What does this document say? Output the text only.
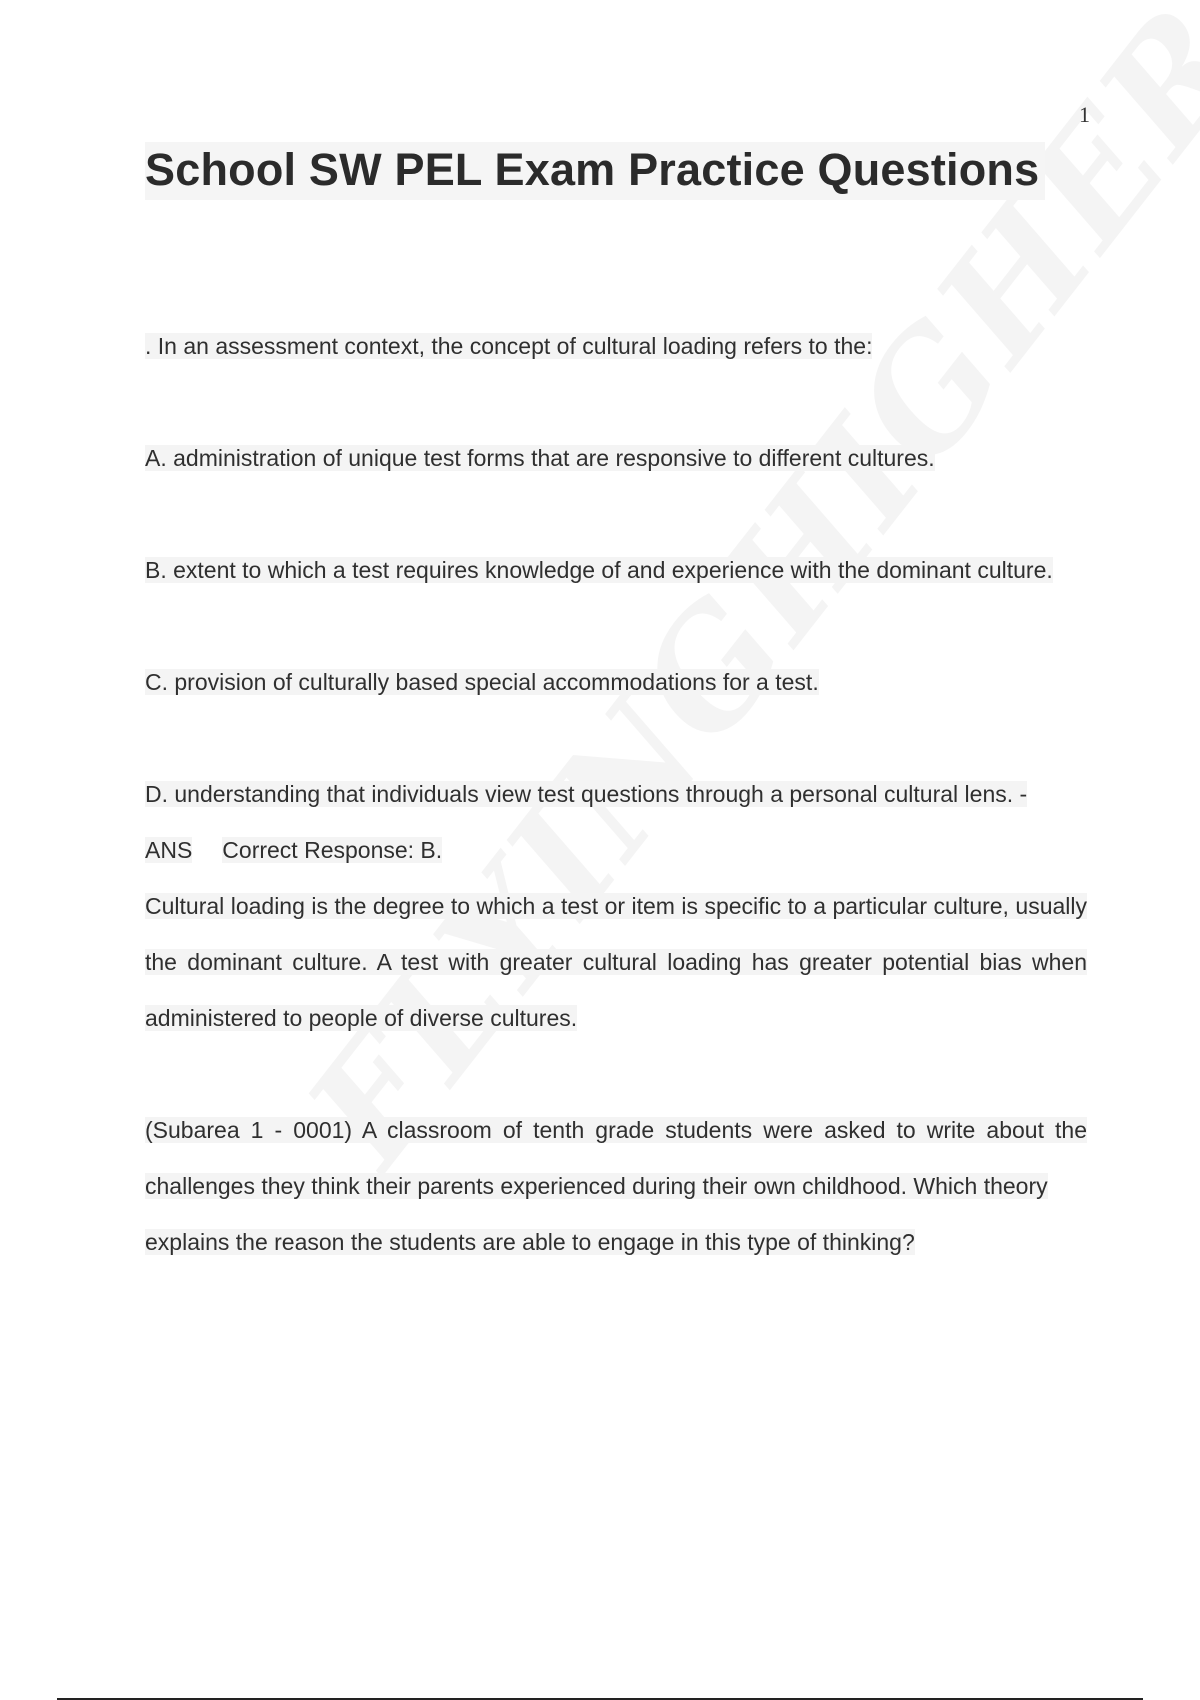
1
School SW PEL Exam Practice Questions

. In an assessment context, the concept of cultural loading refers to the:

A. administration of unique test forms that are responsive to different cultures.

B. extent to which a test requires knowledge of and experience with the dominant culture.

C. provision of culturally based special accommodations for a test.

D. understanding that individuals view test questions through a personal cultural lens. -

ANS Correct Response: B.

Cultural loading is the degree to which a test or item is specific to a particular culture, usually the dominant culture. A test with greater cultural loading has greater potential bias when administered to people of diverse cultures.

(Subarea 1 - 0001) A classroom of tenth grade students were asked to write about the challenges they think their parents experienced during their own childhood. Which theory

explains the reason the students are able to engage in this type of thinking?
